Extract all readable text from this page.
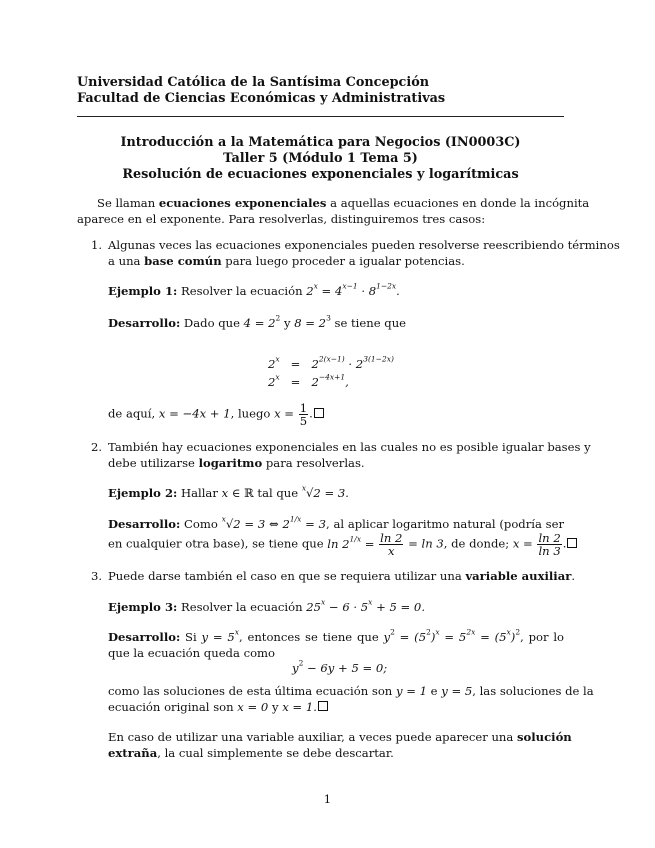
Universidad Católica de la Santísima Concepción
Facultad de Ciencias Económicas y Administrativas
Introducción a la Matemática para Negocios (IN0003C)
Taller 5 (Módulo 1 Tema 5)
Resolución de ecuaciones exponenciales y logarítmicas
Se llaman ecuaciones exponenciales a aquellas ecuaciones en donde la incógnita
aparece en el exponente. Para resolverlas, distinguiremos tres casos:
1. Algunas veces las ecuaciones exponenciales pueden resolverse reescribiendo términos
a una base común para luego proceder a igualar potencias.
Ejemplo 1: Resolver la ecuación $2^x = 4^{x-1} \cdot 8^{1-2x}$.
Desarrollo: Dado que $4 = 2^2$ y $8 = 2^3$ se tiene que
$2^x = 2^{2(x-1)} \cdot 2^{3(1-2x)}$
$2^x = 2^{-4x+1}$,
de aquí, x = −4x + 1, luego $x = \frac{1}{5}$ .
2. También hay ecuaciones exponenciales en las cuales no es posible igualar bases y
debe utilizarse logaritmo para resolverlas.
Ejemplo 2: Hallar x ∈ ℝ tal que $^x$√2 = 3.
Desarrollo: Como $^x$√2 = 3 ⇔ $2^{1/x} = 3$, al aplicar logaritmo natural (podría ser
en cualquier otra base), se tiene que $\ln 2^{1/x} = \frac{\ln 2}{x} = \ln 3$, de donde; $x = \frac{\ln 2}{\ln 3}$ .
3. Puede darse también el caso en que se requiera utilizar una variable auxiliar.
Ejemplo 3: Resolver la ecuación $25^x - 6 \cdot 5^x + 5 = 0$.
Desarrollo: Si $y = 5^x$, entonces se tiene que $y^2 = (5^2)^x = 5^{2x} = (5^x)^2$, por lo
que la ecuación queda como
$y^2 - 6y + 5 = 0$;
como las soluciones de esta última ecuación son y = 1 e y = 5, las soluciones de la
ecuación original son x = 0 y x = 1.
En caso de utilizar una variable auxiliar, a veces puede aparecer una solución
extraña, la cual simplemente se debe descartar.
1
